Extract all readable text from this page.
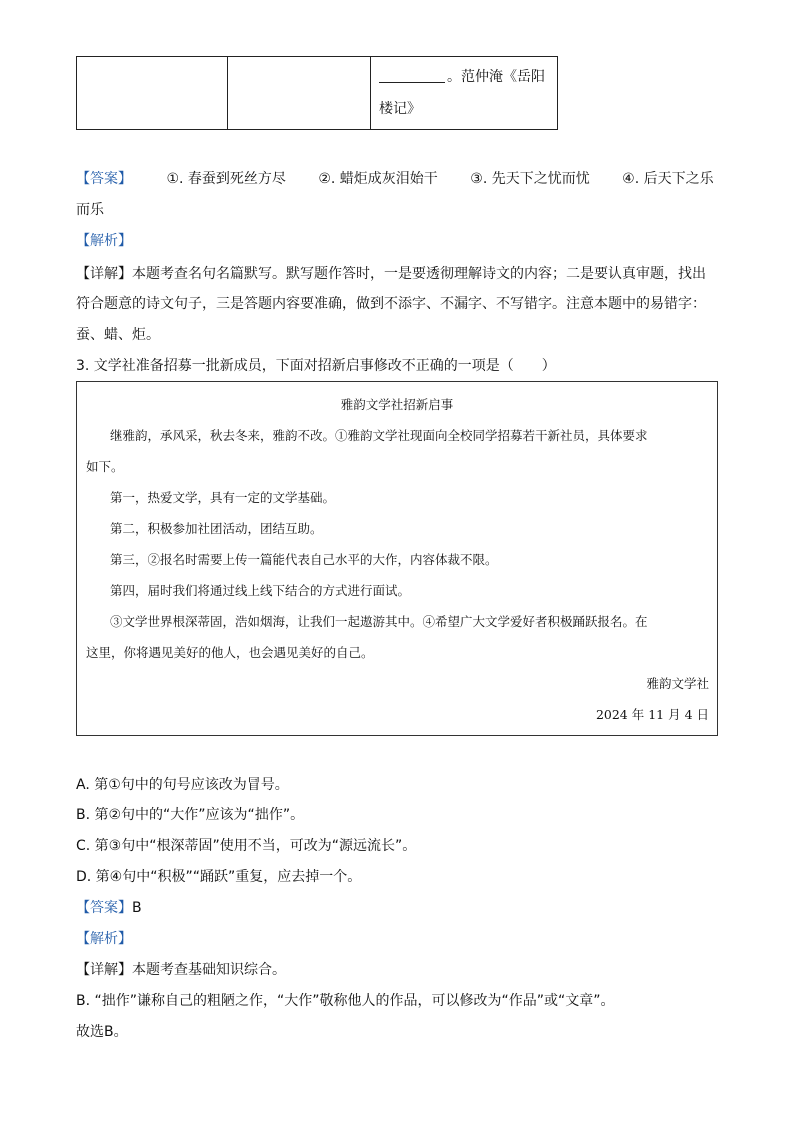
		。范仲淹《岳阳
楼记》
【答案】 ①. 春蚕到死丝方尽 ②. 蜡炬成灰泪始干 ③. 先天下之忧而忧 ④. 后天下之乐
而乐
【解析】
【详解】本题考查名句名篇默写。默写题作答时，一是要透彻理解诗文的内容；二是要认真审题，找出
符合题意的诗文句子，三是答题内容要准确，做到不添字、不漏字、不写错字。注意本题中的易错字：
蚕、蜡、炬。
3. 文学社准备招募一批新成员，下面对招新启事修改不正确的一项是（　　）
雅韵文学社招新启事
继雅韵，承风采，秋去冬来，雅韵不改。①雅韵文学社现面向全校同学招募若干新社员，具体要求
如下。
第一，热爱文学，具有一定的文学基础。
第二，积极参加社团活动，团结互助。
第三，②报名时需要上传一篇能代表自己水平的大作，内容体裁不限。
第四，届时我们将通过线上线下结合的方式进行面试。
③文学世界根深蒂固，浩如烟海，让我们一起遨游其中。④希望广大文学爱好者积极踊跃报名。在
这里，你将遇见美好的他人，也会遇见美好的自己。
雅韵文学社
2024 年 11 月 4 日
A. 第①句中的句号应该改为冒号。
B. 第②句中的“大作”应该为“拙作”。
C. 第③句中“根深蒂固”使用不当，可改为“源远流长”。
D. 第④句中“积极”“踊跃”重复，应去掉一个。
【答案】B
【解析】
【详解】本题考查基础知识综合。
B. “拙作”谦称自己的粗陋之作，“大作”敬称他人的作品，可以修改为“作品”或“文章”。
故选B。
